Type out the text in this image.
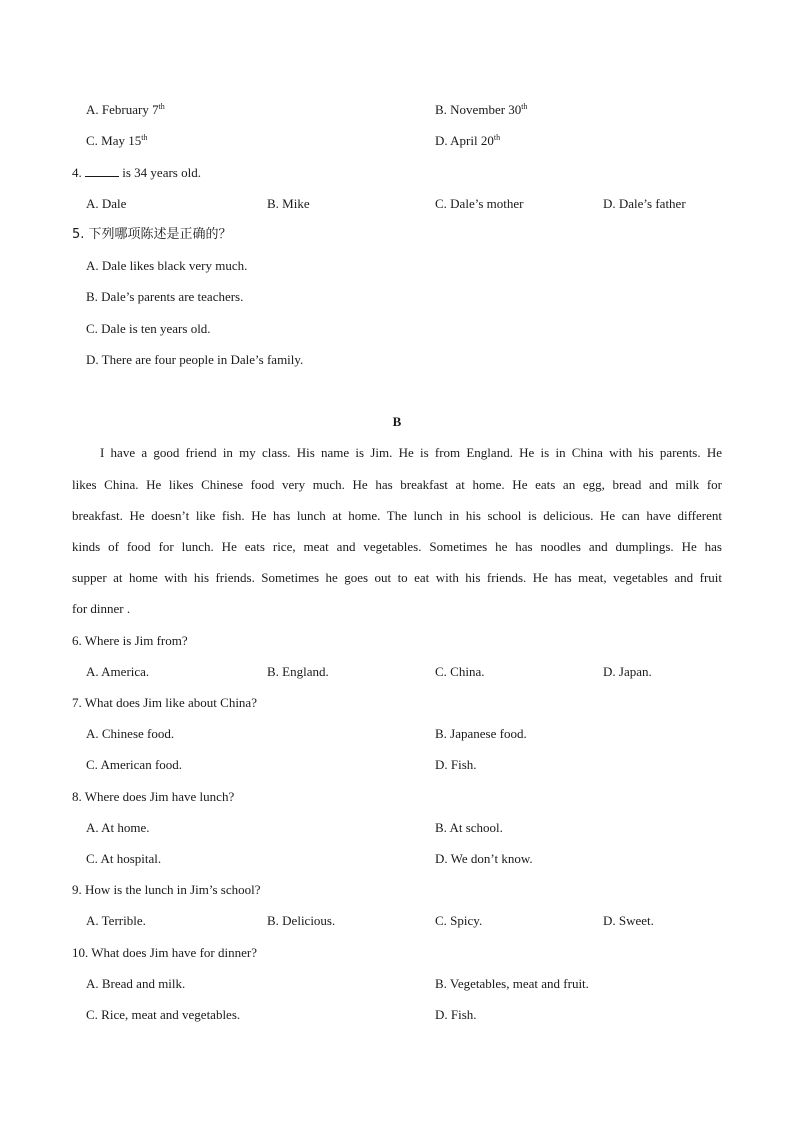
A. February 7th	B. November 30th
C. May 15th	D. April 20th
4.	is 34 years old.
A. Dale	B. Mike	C. Dale’s mother	D. Dale’s father
5. 下列哪项陈述是正确的？
A. Dale likes black very much.
B. Dale’s parents are teachers.
C. Dale is ten years old.
D. There are four people in Dale’s family.
B
I have a good friend in my class. His name is Jim. He is from England. He is in China with his parents. He
likes China. He likes Chinese food very much. He has breakfast at home. He eats an egg, bread and milk for
breakfast. He doesn’t like fish. He has lunch at home. The lunch in his school is delicious. He can have different
kinds of food for lunch. He eats rice, meat and vegetables. Sometimes he has noodles and dumplings. He has
supper at home with his friends. Sometimes he goes out to eat with his friends. He has meat, vegetables and fruit
for dinner .
6. Where is Jim from?
A. America.	B. England.	C. China.	D. Japan.
7. What does Jim like about China?
A. Chinese food.	B. Japanese food.
C. American food.	D. Fish.
8. Where does Jim have lunch?
A. At home.	B. At school.
C. At hospital.	D. We don’t know.
9. How is the lunch in Jim’s school?
A. Terrible.	B. Delicious.	C. Spicy.	D. Sweet.
10. What does Jim have for dinner?
A. Bread and milk.	B. Vegetables, meat and fruit.
C. Rice, meat and vegetables.	D. Fish.
